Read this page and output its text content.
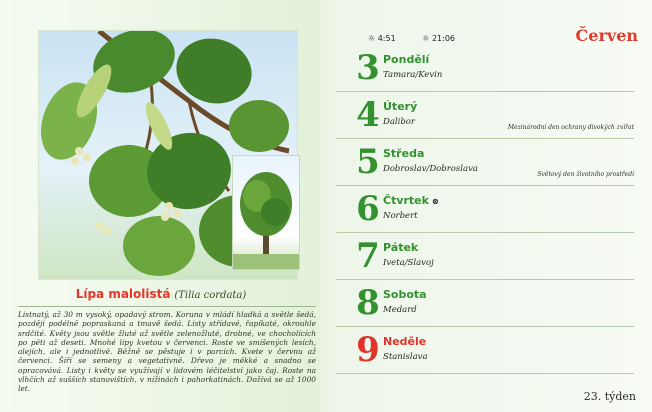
Lípa malolistá (Tilia cordata)
Listnatý, až 30 m vysoký, opadavý strom. Koruna v mládí hladká a světle šedá, později podélně popraskaná a tmavě šedá. Listy střídavé, řapíkaté, okrouhle srdčité. Květy jsou světle žluté až světle zelenožluté, drobné, ve chocholících po pěti až deseti. Mnohé lípy kvetou v červenci. Roste ve smíšených lesích, alejích, ale i jednotlivě. Běžně se pěstuje i v parcích. Kvete v červnu až červenci. Šíří se semeny a vegetativně. Dřevo je měkké a snadno se opracovává. Listy i květy se využívají v lidovém léčitelství jako čaj. Roste na vlhčích až sušších stanovištích, v nížinách i pahorkatinách. Dožívá se až 1000 let.
☼ 4:51	☼ 21:06	Červen
3 Pondělí
Tamara/Kevin
4 Úterý
Dalibor
Mezinárodní den ochrany divokých zvířat
5 Středa
Dobroslav/Dobroslava
Světový den životního prostředí
6 Čtvrtek ⊗
Norbert
7 Pátek
Iveta/Slavoj
8 Sobota
Medard
9 Neděle
Stanislava
23. týden
